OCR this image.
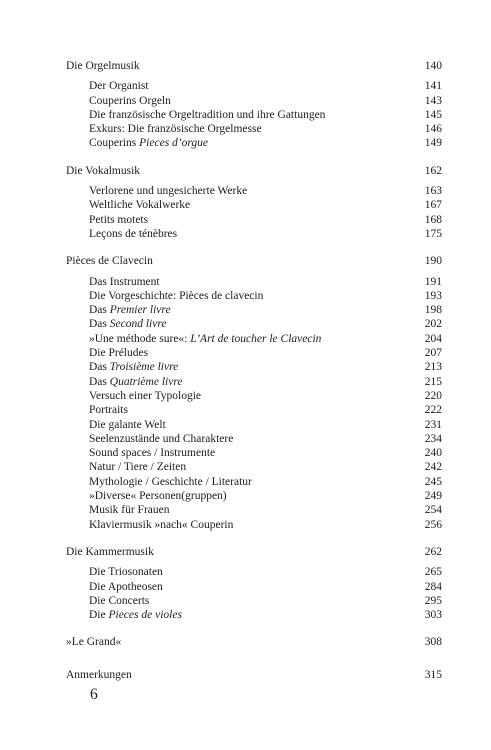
Die Orgelmusik	140
Der Organist	141
Couperins Orgeln	143
Die französische Orgeltradition und ihre Gattungen	145
Exkurs: Die französische Orgelmesse	146
Couperins Pieces d’orgue	149
Die Vokalmusik	162
Verlorene und ungesicherte Werke	163
Weltliche Vokalwerke	167
Petits motets	168
Leçons de ténèbres	175
Pièces de Clavecin	190
Das Instrument	191
Die Vorgeschichte: Pièces de clavecin	193
Das Premier livre	198
Das Second livre	202
»Une méthode sure«: L’Art de toucher le Clavecin	204
Die Préludes	207
Das Troisième livre	213
Das Quatrième livre	215
Versuch einer Typologie	220
Portraits	222
Die galante Welt	231
Seelenzustände und Charaktere	234
Sound spaces / Instrumente	240
Natur / Tiere / Zeiten	242
Mythologie / Geschichte / Literatur	245
»Diverse« Personen(gruppen)	249
Musik für Frauen	254
Klaviermusik »nach« Couperin	256
Die Kammermusik	262
Die Triosonaten	265
Die Apotheosen	284
Die Concerts	295
Die Pieces de violes	303
»Le Grand«	308
Anmerkungen	315
6
